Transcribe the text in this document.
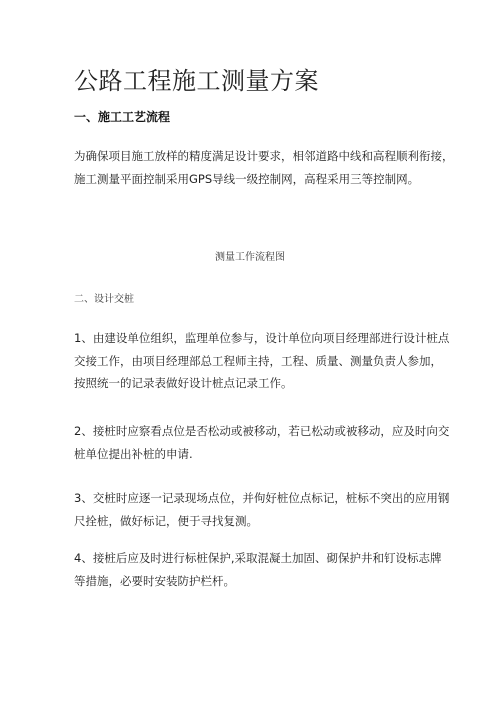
公路工程施工测量方案
一、施工工艺流程
为确保项目施工放样的精度满足设计要求，相邻道路中线和高程顺利衔接，
施工测量平面控制采用GPS导线一级控制网，高程采用三等控制网。
测量工作流程图
二、设计交桩
1、由建设单位组织，监理单位参与，设计单位向项目经理部进行设计桩点
交接工作，由项目经理部总工程师主持，工程、质量、测量负责人参加，
按照统一的记录表做好设计桩点记录工作。
2、接桩时应察看点位是否松动或被移动，若已松动或被移动，应及时向交
桩单位提出补桩的申请.
3、交桩时应逐一记录现场点位，并佝好桩位点标记，桩标不突出的应用钢
尺拴桩，做好标记，便于寻找复测。
4、接桩后应及时进行标桩保护,采取混凝土加固、砌保护井和钉设标志牌
等措施，必要时安装防护栏杆。
